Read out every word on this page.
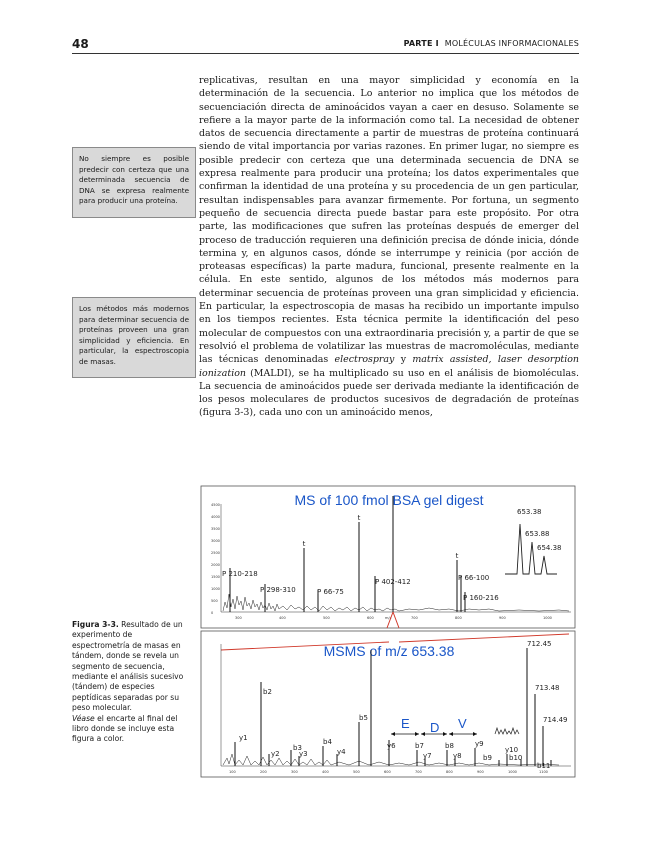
48	PARTE I MOLÉCULAS INFORMACIONALES

replicativas, resultan en una mayor simplicidad y economía en la determinación de la secuencia. Lo anterior no implica que los métodos de secuenciación directa de aminoácidos vayan a caer en desuso. Solamente se refiere a la mayor parte de la información como tal. La necesidad de obtener datos de secuencia directamente a partir de muestras de proteína continuará siendo de vital importancia por varias razones. En primer lugar, no siempre es posible predecir con certeza que una determinada secuencia de DNA se expresa realmente para producir una proteína; los datos experimentales que confirman la identidad de una proteína y su procedencia de un gen particular, resultan indispensables para avanzar firmemente. Por fortuna, un segmento pequeño de secuencia directa puede bastar para este propósito. Por otra parte, las modificaciones que sufren las proteínas después de emerger del proceso de traducción requieren una definición precisa de dónde inicia, dónde termina y, en algunos casos, dónde se interrumpe y reinicia (por acción de proteasas específicas) la parte madura, funcional, presente realmente en la célula. En este sentido, algunos de los métodos más modernos para determinar secuencia de proteínas proveen una gran simplicidad y eficiencia. En particular, la espectroscopia de masas ha recibido un importante impulso en los tiempos recientes. Esta técnica permite la identificación del peso molecular de compuestos con una extraordinaria precisión y, a partir de que se resolvió el problema de volatilizar las muestras de macromoléculas, mediante las técnicas denominadas electrospray y matrix assisted, laser desorption ionization (MALDI), se ha multiplicado su uso en el análisis de biomoléculas. La secuencia de aminoácidos puede ser derivada mediante la identificación de los pesos moleculares de productos sucesivos de degradación de proteínas (figura 3-3), cada uno con un aminoácido menos,

No siempre es posible predecir con certeza que una determinada secuencia de DNA se expresa realmente para producir una proteína.
Los métodos más modernos para determinar secuencia de proteínas proveen una gran simplicidad y eficiencia. En particular, la espectroscopia de masas.
Figura 3-3. Resultado de un experimento de espectrometría de masas en tándem, donde se revela un segmento de secuencia, mediante el análisis sucesivo (tándem) de especies peptídicas separadas por su peso molecular.
Véase el encarte al final del libro donde se incluye esta figura a color.
MS of 100 fmol BSA gel digest
0
500
1000
1500
2000
2500
3000
3500
4000
4500
300	400	500	600	700	800	900	1000
m/z
t
t
t
P 210-218
P 298-310	P 66-75
P 402-412	P 66-100
P 160-216
653.38
653.88
654.38
MSMS of m/z 653.38
100	200	300	400	500	600	700	800	900	1000	1100
712.45
713.48
714.49
y1
b2
y2
b3
y3
b4
y4
b5
y6	b7
y7
b8
y8
y9
b9
y10
b10
b11
E D V
